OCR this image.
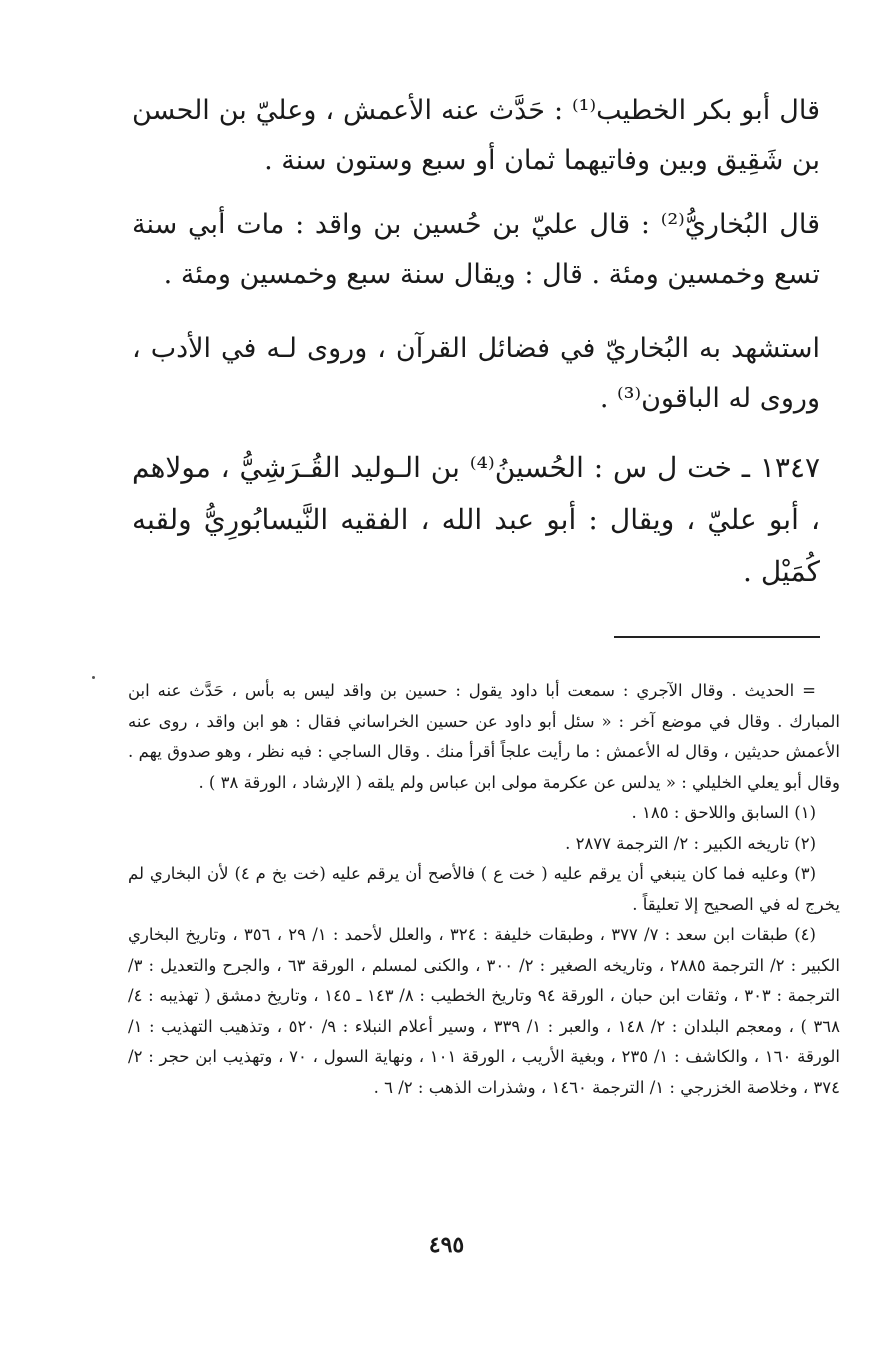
قال أبو بكر الخطيب⁽¹⁾ : حَدَّث عنه الأعمش ، وعليّ بن الحسن بن شَقِيق وبين وفاتيهما ثمان أو سبع وستون سنة .

قال البُخاريُّ⁽²⁾ : قال عليّ بن حُسين بن واقد : مات أبي سنة تسع وخمسين ومئة . قال : ويقال سنة سبع وخمسين ومئة .

استشهد به البُخاريّ في فضائل القرآن ، وروى لـه في الأدب ، وروى له الباقون⁽³⁾ .

١٣٤٧ ـ خت ل س : الحُسينُ⁽⁴⁾ بن الـوليد القُـرَشِيُّ ، مولاهم ، أبو عليّ ، ويقال : أبو عبد الله ، الفقيه النَّيسابُورِيُّ ولقبه كُمَيْل .

= الحديث . وقال الآجري : سمعت أبا داود يقول : حسين بن واقد ليس به بأس ، حَدَّث عنه ابن المبارك . وقال في موضع آخر : « سئل أبو داود عن حسين الخراساني فقال : هو ابن واقد ، روى عنه الأعمش حديثين ، وقال له الأعمش : ما رأيت علجاً أقرأ منك . وقال الساجي : فيه نظر ، وهو صدوق يهم . وقال أبو يعلي الخليلي : « يدلس عن عكرمة مولى ابن عباس ولم يلقه ( الإرشاد ، الورقة ٣٨ ) .

(١) السابق واللاحق : ١٨٥ .

(٢) تاريخه الكبير : ٢/ الترجمة ٢٨٧٧ .

(٣) وعليه فما كان ينبغي أن يرقم عليه ( خت ع ) فالأصح أن يرقم عليه (خت بخ م ٤) لأن البخاري لم يخرج له في الصحيح إلا تعليقاً .

(٤) طبقات ابن سعد : ٧/ ٣٧٧ ، وطبقات خليفة : ٣٢٤ ، والعلل لأحمد : ١/ ٢٩ ، ٣٥٦ ، وتاريخ البخاري الكبير : ٢/ الترجمة ٢٨٨٥ ، وتاريخه الصغير : ٢/ ٣٠٠ ، والكنى لمسلم ، الورقة ٦٣ ، والجرح والتعديل : ٣/ الترجمة : ٣٠٣ ، وثقات ابن حبان ، الورقة ٩٤ وتاريخ الخطيب : ٨/ ١٤٣ ـ ١٤٥ ، وتاريخ دمشق ( تهذيبه : ٤/ ٣٦٨ ) ، ومعجم البلدان : ٢/ ١٤٨ ، والعبر : ١/ ٣٣٩ ، وسير أعلام النبلاء : ٩/ ٥٢٠ ، وتذهيب التهذيب : ١/ الورقة ١٦٠ ، والكاشف : ١/ ٢٣٥ ، وبغية الأريب ، الورقة ١٠١ ، ونهاية السول ، ٧٠ ، وتهذيب ابن حجر : ٢/ ٣٧٤ ، وخلاصة الخزرجي : ١/ الترجمة ١٤٦٠ ، وشذرات الذهب : ٢/ ٦ .

٤٩٥
